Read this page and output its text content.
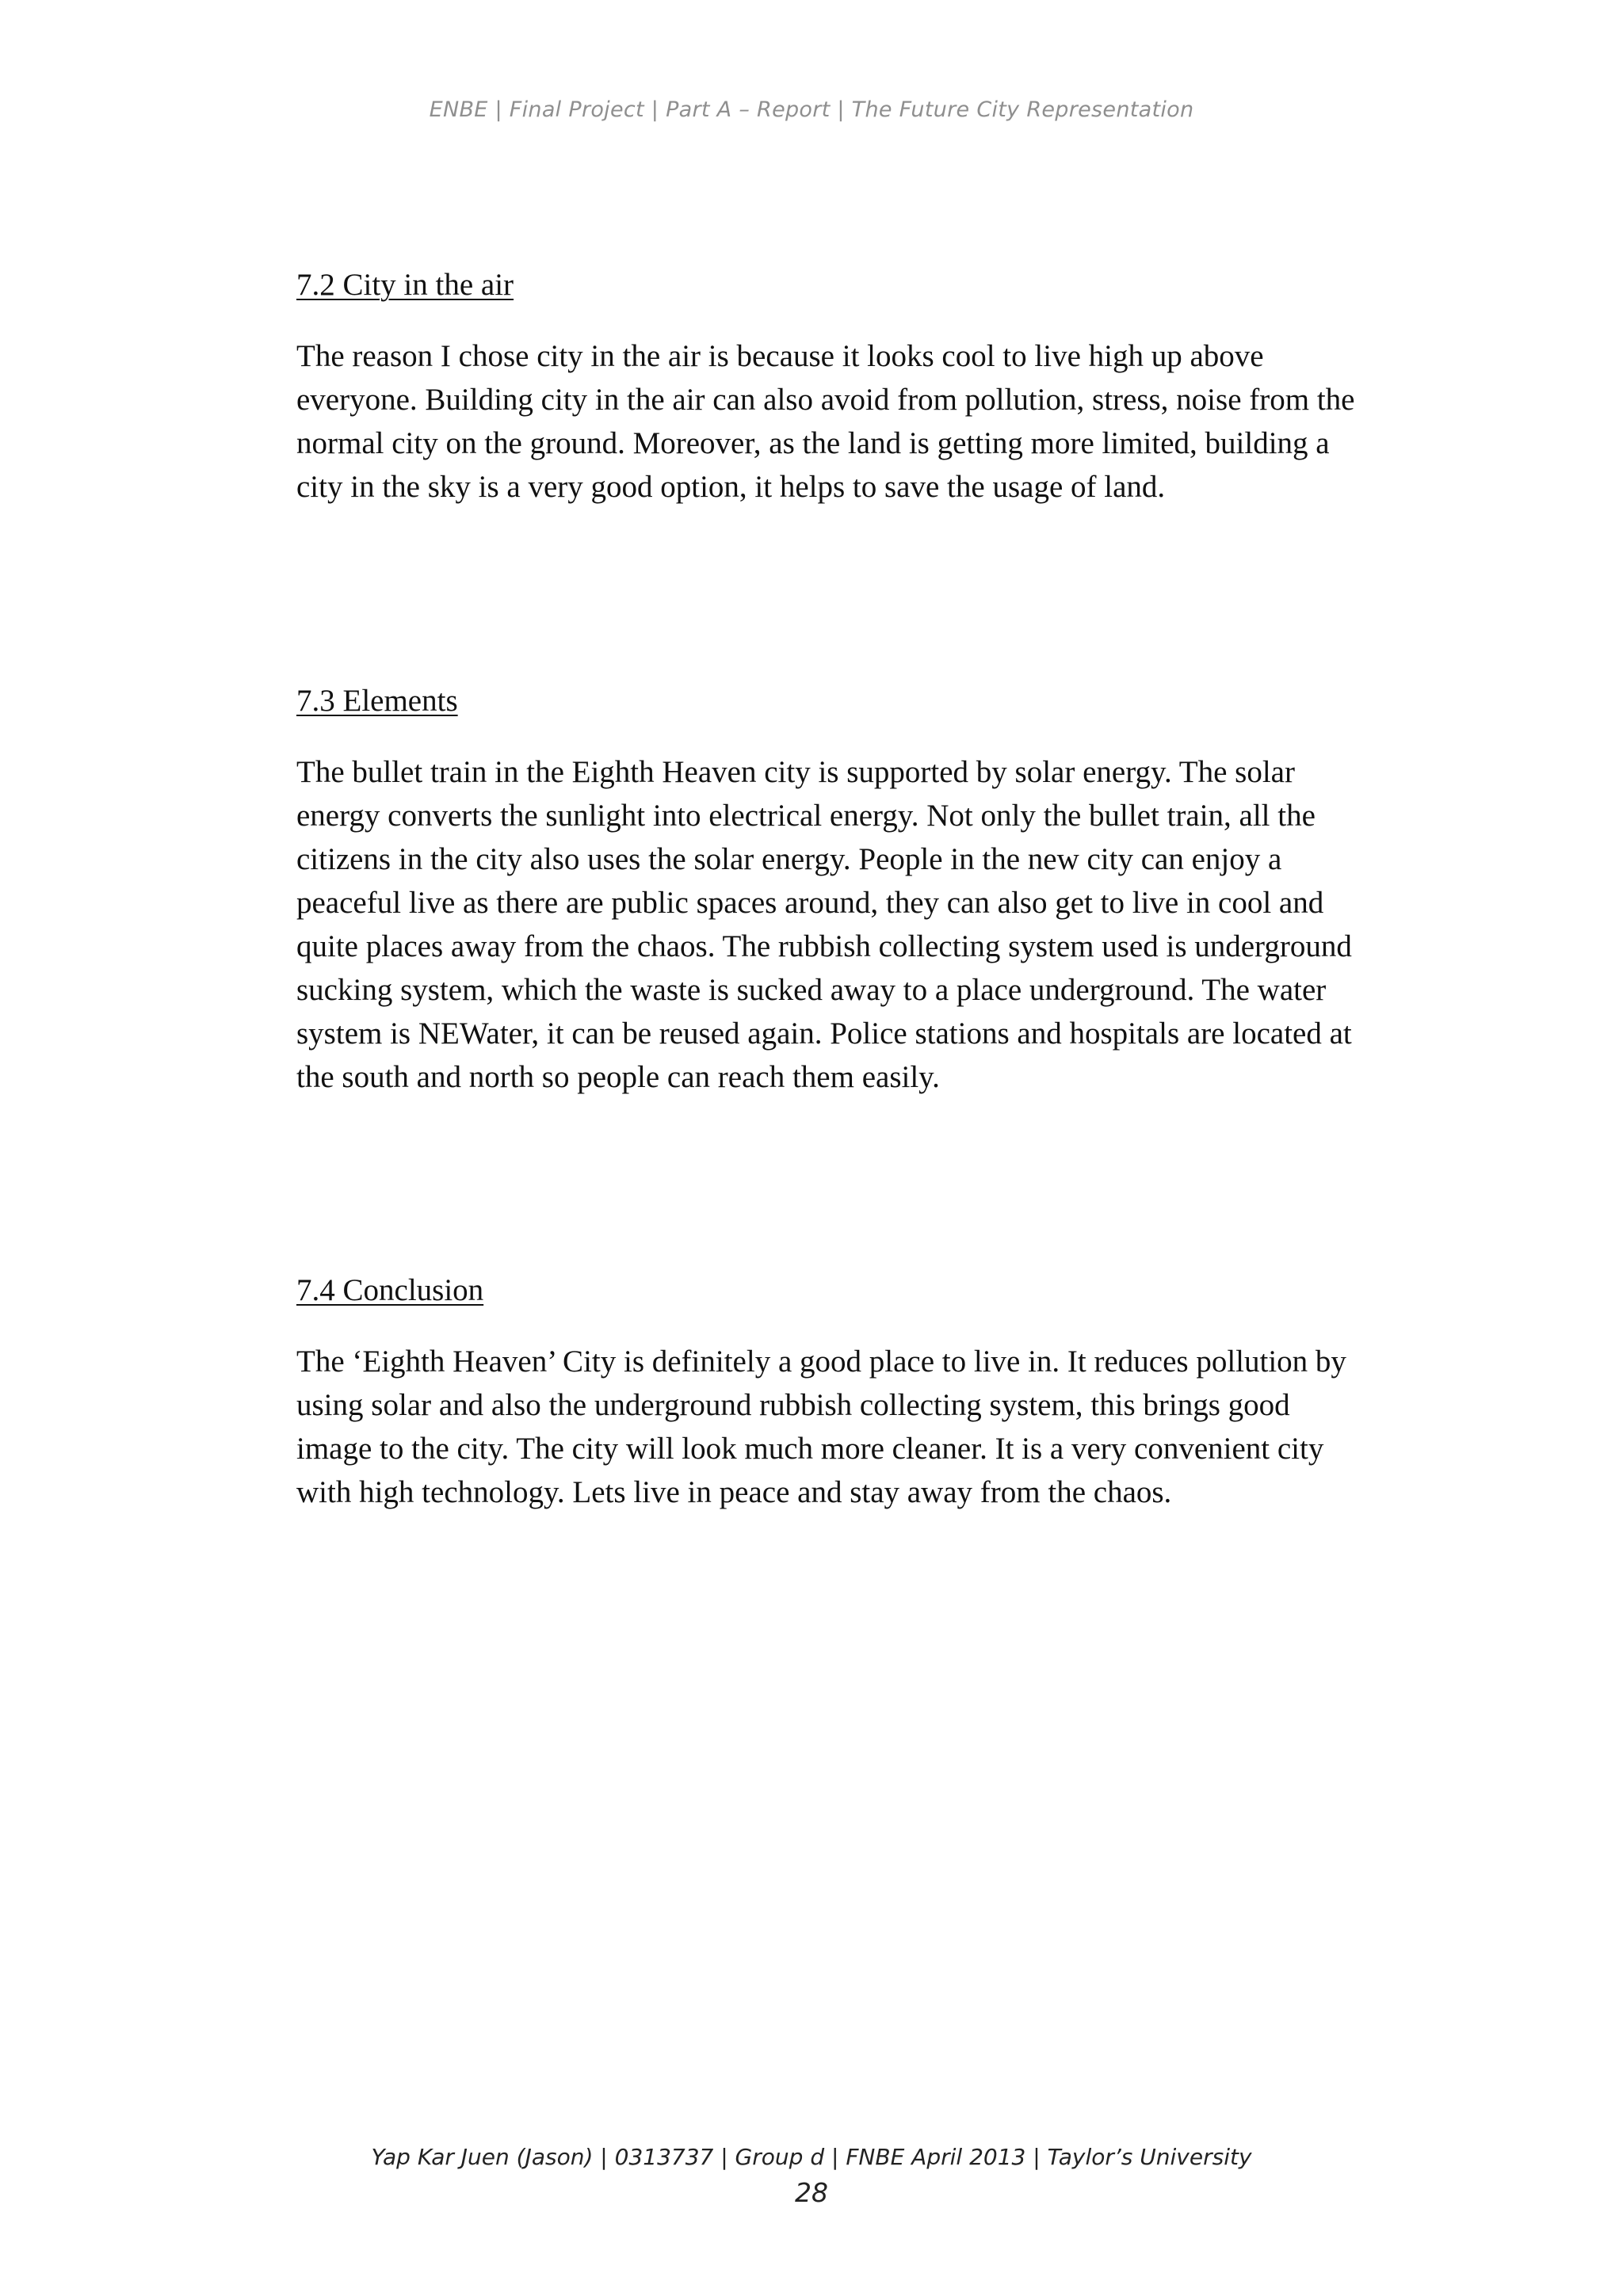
ENBE | Final Project | Part A – Report | The Future City Representation
7.2 City in the air

The reason I chose city in the air is because it looks cool to live high up above
everyone. Building city in the air can also avoid from pollution, stress, noise from the
normal city on the ground. Moreover, as the land is getting more limited, building a
city in the sky is a very good option, it helps to save the usage of land.

7.3 Elements

The bullet train in the Eighth Heaven city is supported by solar energy. The solar
energy converts the sunlight into electrical energy. Not only the bullet train, all the
citizens in the city also uses the solar energy. People in the new city can enjoy a
peaceful live as there are public spaces around, they can also get to live in cool and
quite places away from the chaos. The rubbish collecting system used is underground
sucking system, which the waste is sucked away to a place underground. The water
system is NEWater, it can be reused again. Police stations and hospitals are located at
the south and north so people can reach them easily.

7.4 Conclusion

The ‘Eighth Heaven’ City is definitely a good place to live in. It reduces pollution by
using solar and also the underground rubbish collecting system, this brings good
image to the city. The city will look much more cleaner. It is a very convenient city
with high technology. Lets live in peace and stay away from the chaos.

Yap Kar Juen (Jason) | 0313737 | Group d | FNBE April 2013 | Taylor’s University
28
